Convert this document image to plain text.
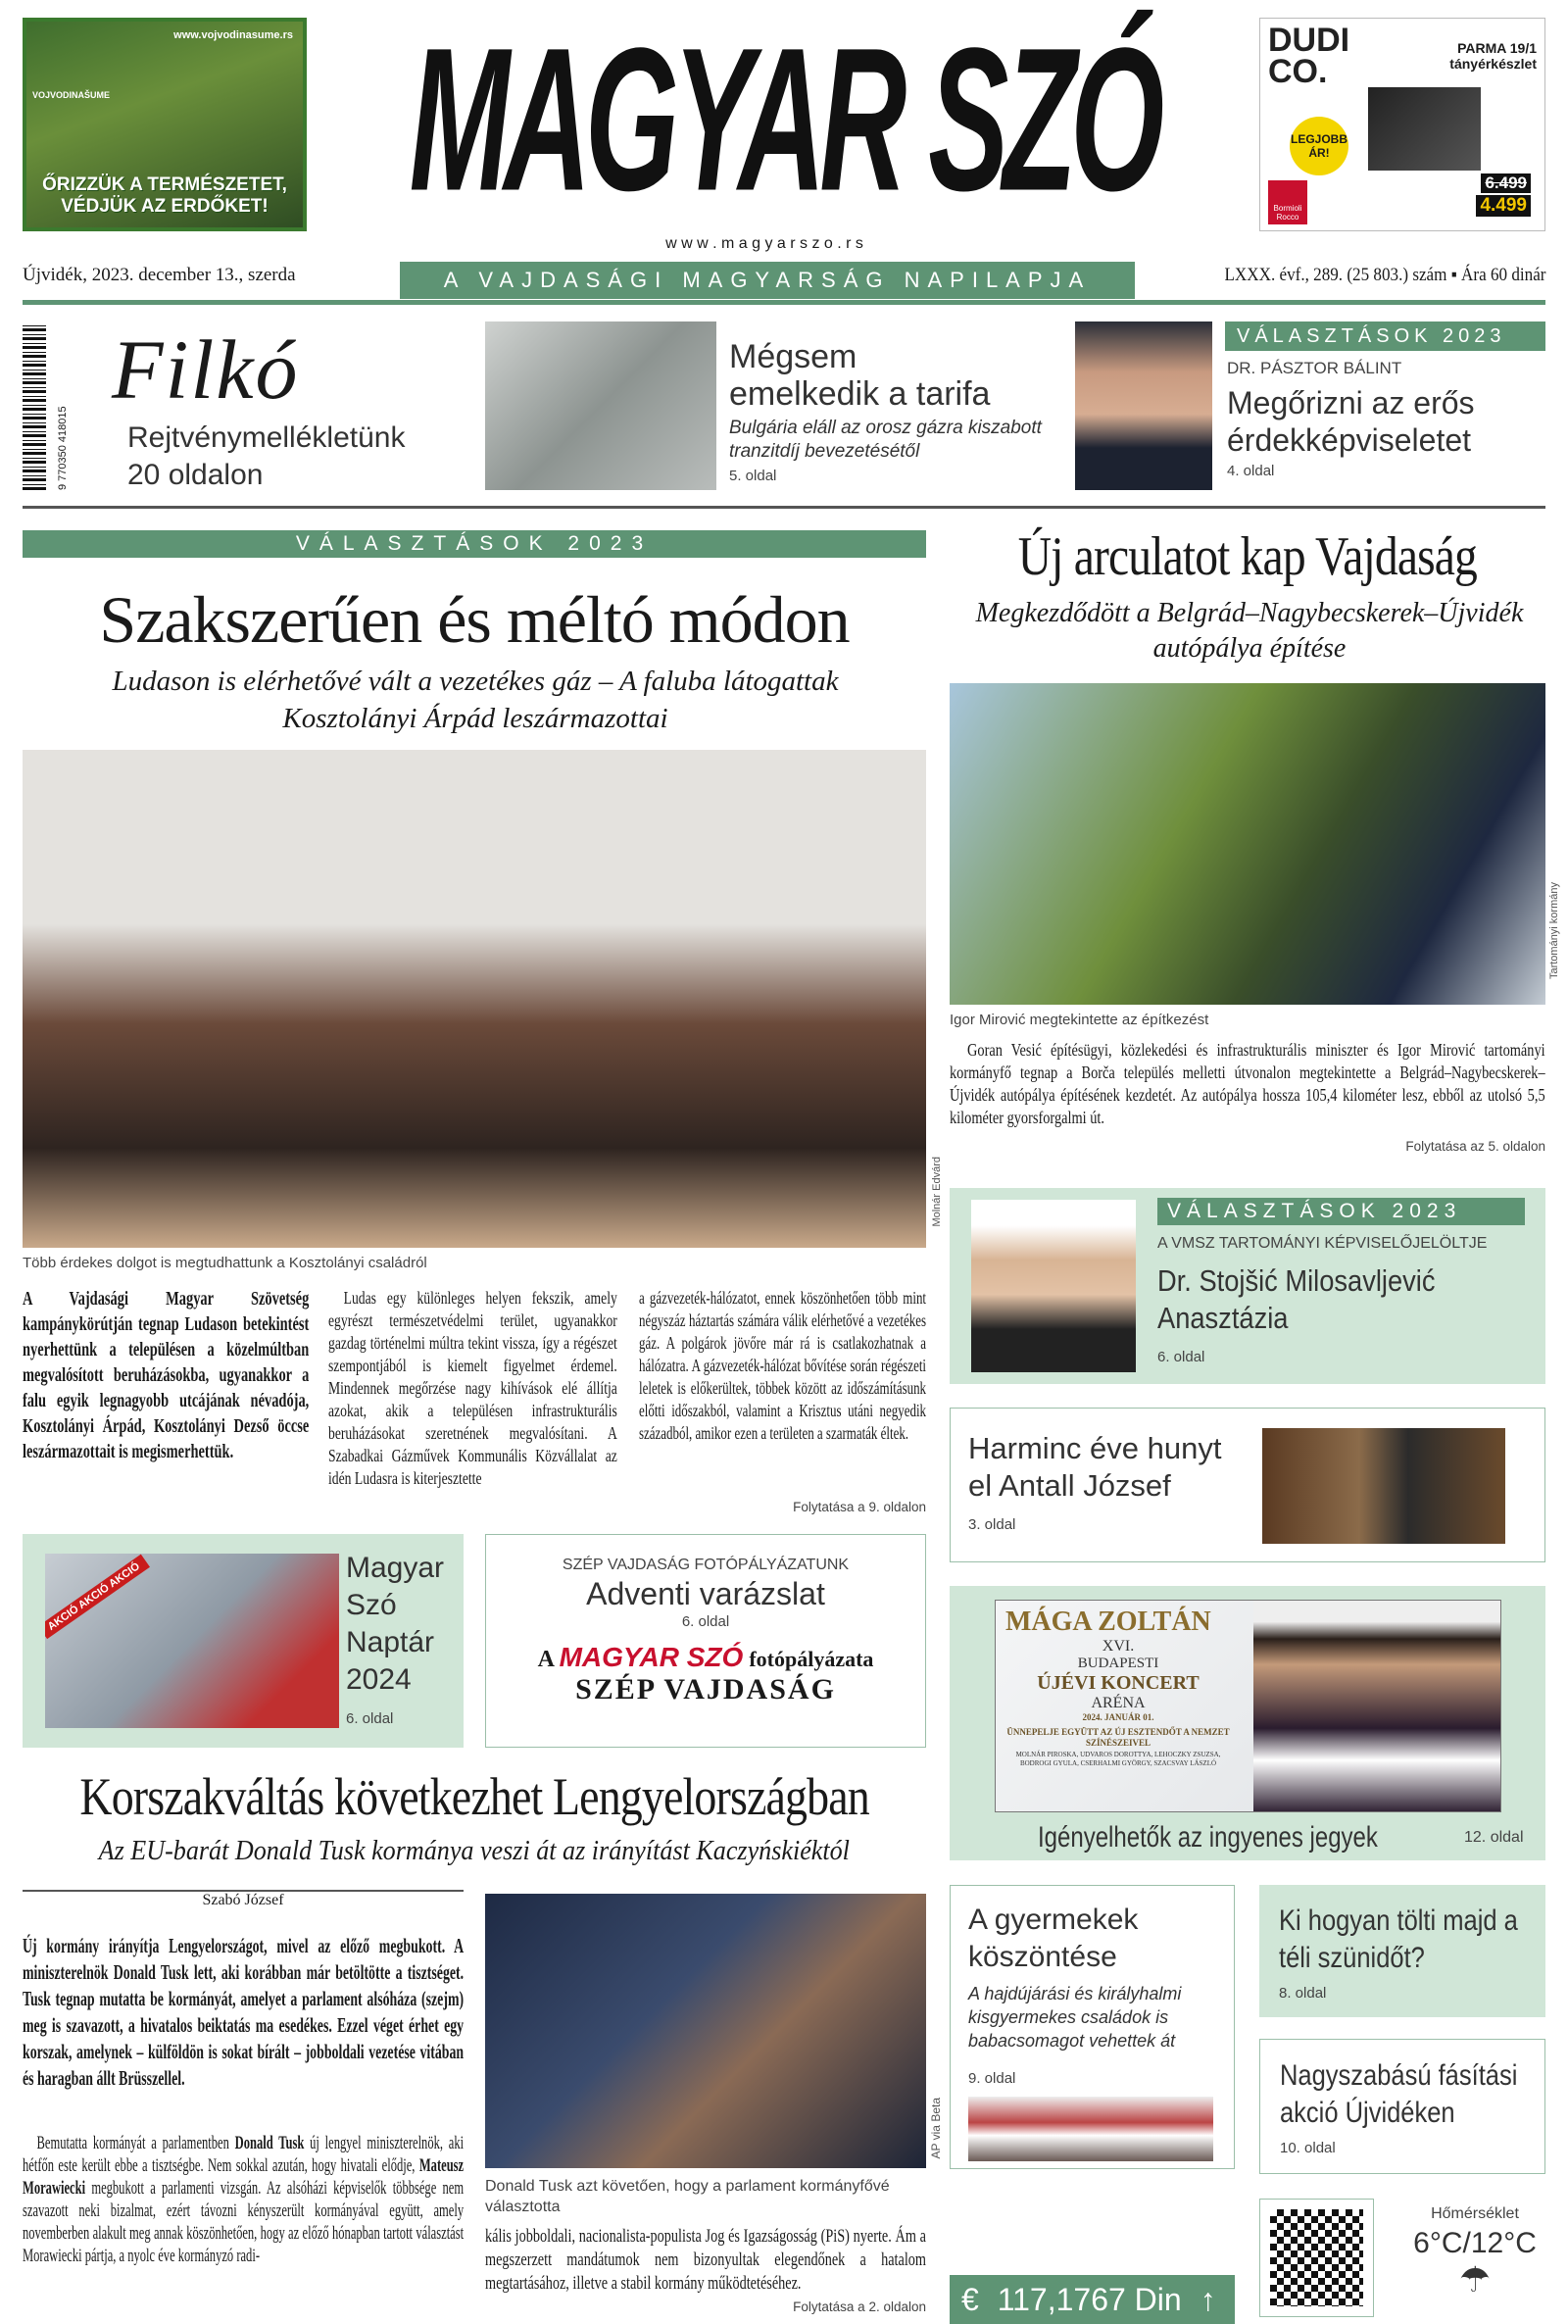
www.vojvodinasume.rs
VOJVODINAŠUME
ŐRIZZÜK A TERMÉSZETET, VÉDJÜK AZ ERDŐKET! MAGYAR SZÓ
w w w . m a g y a r s z o . r s
DUDI CO.
PARMA 19/1 tányérkészlet
LEGJOBB ÁR!
6.499
4.499
Bormioli Rocco
Újvidék, 2023. december 13., szerda	A VAJDASÁGI MAGYARSÁG NAPILAPJA	LXXX. évf., 289. (25 803.) szám ▪ Ára 60 dinár
9 770350 418015
Filkó
Rejtvénymellékletünk 20 oldalon
Mégsem emelkedik a tarifa
Bulgária eláll az orosz gázra kiszabott tranzitdíj bevezetésétől
5. oldal
VÁLASZTÁSOK 2023
DR. PÁSZTOR BÁLINT
Megőrizni az erős érdekképviseletet
4. oldal
VÁLASZTÁSOK 2023
Szakszerűen és méltó módon
Ludason is elérhetővé vált a vezetékes gáz – A faluba látogattak Kosztolányi Árpád leszármazottai
Molnár Edvárd
Több érdekes dolgot is megtudhattunk a Kosztolányi családról
A Vajdasági Magyar Szövetség kampánykörútján tegnap Ludason betekintést nyerhettünk a településen a közelmúltban megvalósított beruházásokba, ugyanakkor a falu egyik legnagyobb utcájának névadója, Kosztolányi Árpád, Kosztolányi Dezső öccse leszármazottait is megismerhettük.
Ludas egy különleges helyen fekszik, amely egyrészt természetvédelmi terület, ugyanakkor gazdag történelmi múltra tekint vissza, így a régészet szempontjából is kiemelt figyelmet érdemel. Mindennek megőrzése nagy kihívások elé állítja azokat, akik a településen infrastrukturális beruházásokat szeretnének megvalósítani. A Szabadkai Gázművek Kommunális Közvállalat az idén Ludasra is kiterjesztette
a gázvezeték-hálózatot, ennek köszönhetően több mint négyszáz háztartás számára válik elérhetővé a vezetékes gáz. A polgárok jövőre már rá is csatlakozhatnak a hálózatra. A gázvezeték-hálózat bővítése során régészeti leletek is előkerültek, többek között az időszámításunk előtti időszakból, valamint a Krisztus utáni negyedik századból, amikor ezen a területen a szarmaták éltek.
Folytatása a 9. oldalon
AKCIÓ AKCIÓ AKCIÓ	Magyar Szó Naptár 2024
6. oldal
SZÉP VAJDASÁG FOTÓPÁLYÁZATUNK
Adventi varázslat
6. oldal
A MAGYAR SZÓ fotópályázata
SZÉP VAJDASÁG
Korszakváltás következhet Lengyelországban
Az EU-barát Donald Tusk kormánya veszi át az irányítást Kaczyńskiéktól
Szabó József
Új kormány irányítja Lengyelországot, mivel az előző megbukott. A miniszterelnök Donald Tusk lett, aki korábban már betöltötte a tisztséget. Tusk tegnap mutatta be kormányát, amelyet a parlament alsóháza (szejm) meg is szavazott, a hivatalos beiktatás ma esedékes. Ezzel véget érhet egy korszak, amelynek – külföldön is sokat bírált – jobboldali vezetése vitában és haragban állt Brüsszellel.
Bemutatta kormányát a parlamentben Donald Tusk új lengyel miniszterelnök, aki hétfőn este került ebbe a tisztségbe. Nem sokkal azután, hogy hivatali elődje, Mateusz Morawiecki megbukott a parlamenti vizsgán. Az alsóházi képviselők többsége nem szavazott neki bizalmat, ezért távozni kényszerült kormányával együtt, amely novemberben alakult meg annak köszönhetően, hogy az előző hónapban tartott választást Morawiecki pártja, a nyolc éve kormányzó radi-
AP via Beta
Donald Tusk azt követően, hogy a parlament kormányfővé választotta
kális jobboldali, nacionalista-populista Jog és Igazságosság (PiS) nyerte. Ám a megszerzett mandátumok nem bizonyultak elegendőnek a hatalom megtartásához, illetve a stabil kormány működtetéséhez.
Folytatása a 2. oldalon
Új arculatot kap Vajdaság
Megkezdődött a Belgrád–Nagybecskerek–Újvidék autópálya építése
Tartományi kormány
Igor Mirović megtekintette az építkezést
Goran Vesić építésügyi, közlekedési és infrastrukturális miniszter és Igor Mirović tartományi kormányfő tegnap a Borča település melletti útvonalon megtekintette a Belgrád–Nagybecskerek– Újvidék autópálya építésének kezdetét. Az autópálya hossza 105,4 kilométer lesz, ebből az utolsó 5,5 kilométer gyorsforgalmi út.
Folytatása az 5. oldalon
VÁLASZTÁSOK 2023
A VMSZ TARTOMÁNYI KÉPVISELŐJELÖLTJE
Dr. Stojšić Milosavljević Anasztázia
6. oldal
Harminc éve hunyt el Antall József
3. oldal
MÁGA ZOLTÁN
XVI.
BUDAPESTI
ÚJÉVI KONCERT
ARÉNA
2024. JANUÁR 01.
ÜNNEPELJE EGYÜTT AZ ÚJ ESZTENDŐT A NEMZET SZÍNÉSZEIVEL
MOLNÁR PIROSKA, UDVAROS DOROTTYA, LEHOCZKY ZSUZSA, BODROGI GYULA, CSERHALMI GYÖRGY, SZACSVAY LÁSZLÓ
Igényelhetők az ingyenes jegyek	12. oldal
A gyermekek köszöntése
A hajdújárási és királyhalmi kisgyermekes családok is babacsomagot vehettek át
9. oldal
Ki hogyan tölti majd a téli szünidőt?
8. oldal
Nagyszabású fásítási akció Újvidéken
10. oldal
€ 117,1767 Din ↑
Hőmérséklet
6°C/12°C
☂
